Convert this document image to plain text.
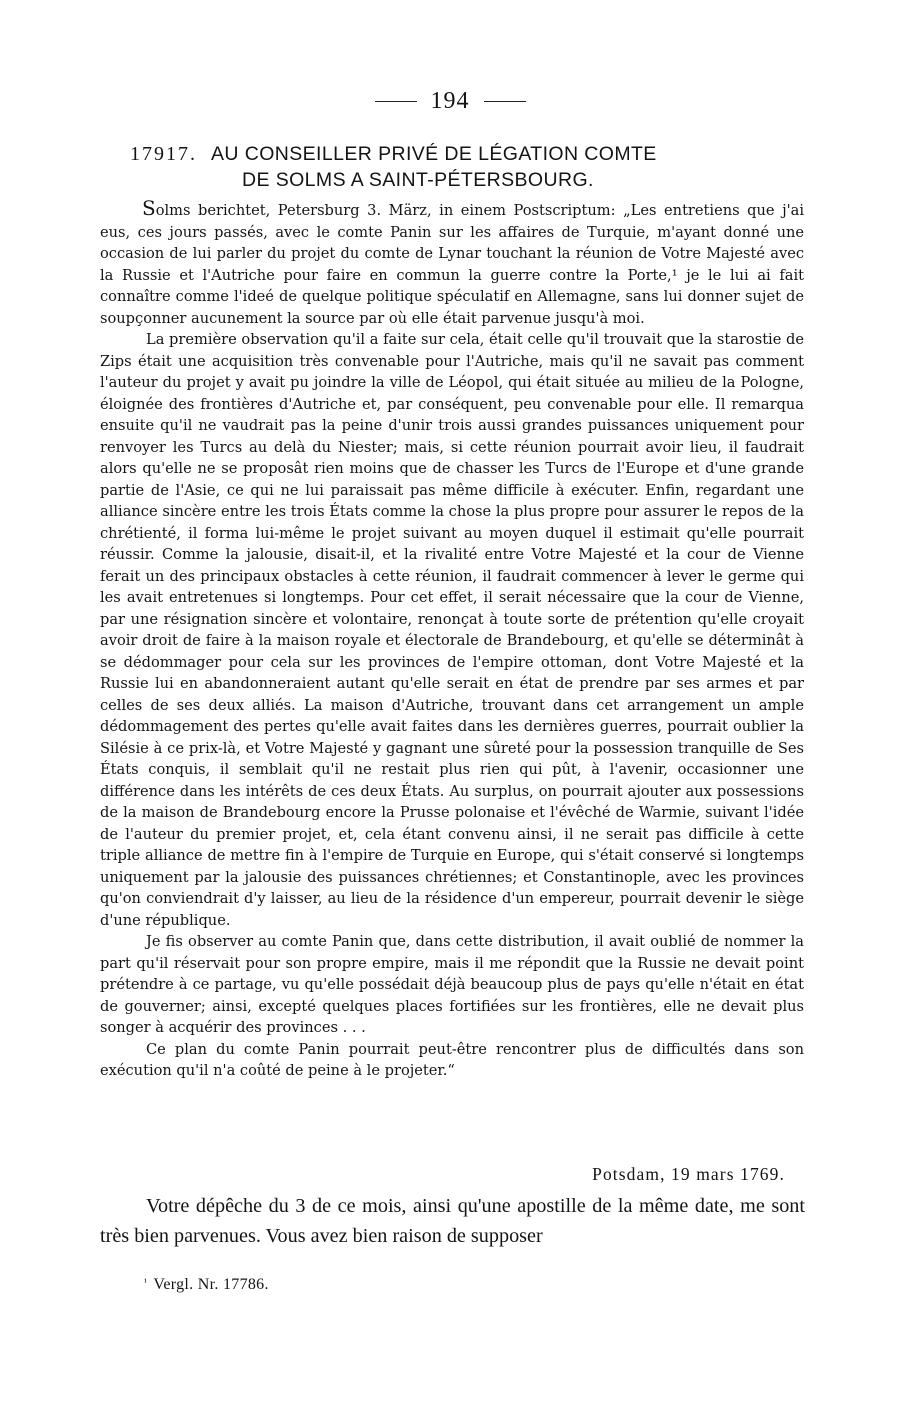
194
17917. AU CONSEILLER PRIVÉ DE LÉGATION COMTE
DE SOLMS A SAINT-PÉTERSBOURG.

Solms berichtet, Petersburg 3. März, in einem Postscriptum: „Les entretiens que j'ai eus, ces jours passés, avec le comte Panin sur les affaires de Turquie, m'ayant donné une occasion de lui parler du projet du comte de Lynar touchant la réunion de Votre Majesté avec la Russie et l'Autriche pour faire en commun la guerre contre la Porte,¹ je le lui ai fait connaître comme l'ideé de quelque politique spéculatif en Allemagne, sans lui donner sujet de soupçonner aucunement la source par où elle était parvenue jusqu'à moi.

La première observation qu'il a faite sur cela, était celle qu'il trouvait que la starostie de Zips était une acquisition très convenable pour l'Autriche, mais qu'il ne savait pas comment l'auteur du projet y avait pu joindre la ville de Léopol, qui était située au milieu de la Pologne, éloignée des frontières d'Autriche et, par conséquent, peu convenable pour elle. Il remarqua ensuite qu'il ne vaudrait pas la peine d'unir trois aussi grandes puissances uniquement pour renvoyer les Turcs au delà du Niester; mais, si cette réunion pourrait avoir lieu, il faudrait alors qu'elle ne se proposât rien moins que de chasser les Turcs de l'Europe et d'une grande partie de l'Asie, ce qui ne lui paraissait pas même difficile à exécuter. Enfin, regardant une alliance sincère entre les trois États comme la chose la plus propre pour assurer le repos de la chrétienté, il forma lui-même le projet suivant au moyen duquel il estimait qu'elle pourrait réussir. Comme la jalousie, disait-il, et la rivalité entre Votre Majesté et la cour de Vienne ferait un des principaux obstacles à cette réunion, il faudrait commencer à lever le germe qui les avait entretenues si longtemps. Pour cet effet, il serait nécessaire que la cour de Vienne, par une résignation sincère et volontaire, renonçat à toute sorte de prétention qu'elle croyait avoir droit de faire à la maison royale et électorale de Brandebourg, et qu'elle se déterminât à se dédommager pour cela sur les provinces de l'empire ottoman, dont Votre Majesté et la Russie lui en abandonneraient autant qu'elle serait en état de prendre par ses armes et par celles de ses deux alliés. La maison d'Autriche, trouvant dans cet arrangement un ample dédommagement des pertes qu'elle avait faites dans les dernières guerres, pourrait oublier la Silésie à ce prix-là, et Votre Majesté y gagnant une sûreté pour la possession tranquille de Ses États conquis, il semblait qu'il ne restait plus rien qui pût, à l'avenir, occasionner une différence dans les intérêts de ces deux États. Au surplus, on pourrait ajouter aux possessions de la maison de Brandebourg encore la Prusse polonaise et l'évêché de Warmie, suivant l'idée de l'auteur du premier projet, et, cela étant convenu ainsi, il ne serait pas difficile à cette triple alliance de mettre fin à l'empire de Turquie en Europe, qui s'était conservé si longtemps uniquement par la jalousie des puissances chrétiennes; et Constantinople, avec les provinces qu'on conviendrait d'y laisser, au lieu de la résidence d'un empereur, pourrait devenir le siège d'une république.

Je fis observer au comte Panin que, dans cette distribution, il avait oublié de nommer la part qu'il réservait pour son propre empire, mais il me répondit que la Russie ne devait point prétendre à ce partage, vu qu'elle possédait déjà beaucoup plus de pays qu'elle n'était en état de gouverner; ainsi, excepté quelques places fortifiées sur les frontières, elle ne devait plus songer à acquérir des provinces . . .

Ce plan du comte Panin pourrait peut-être rencontrer plus de difficultés dans son exécution qu'il n'a coûté de peine à le projeter.“

Potsdam, 19 mars 1769.

Votre dépêche du 3 de ce mois, ainsi qu'une apostille de la même date, me sont très bien parvenues. Vous avez bien raison de supposer

$^{^1}$ Vergl. Nr. 17786.
